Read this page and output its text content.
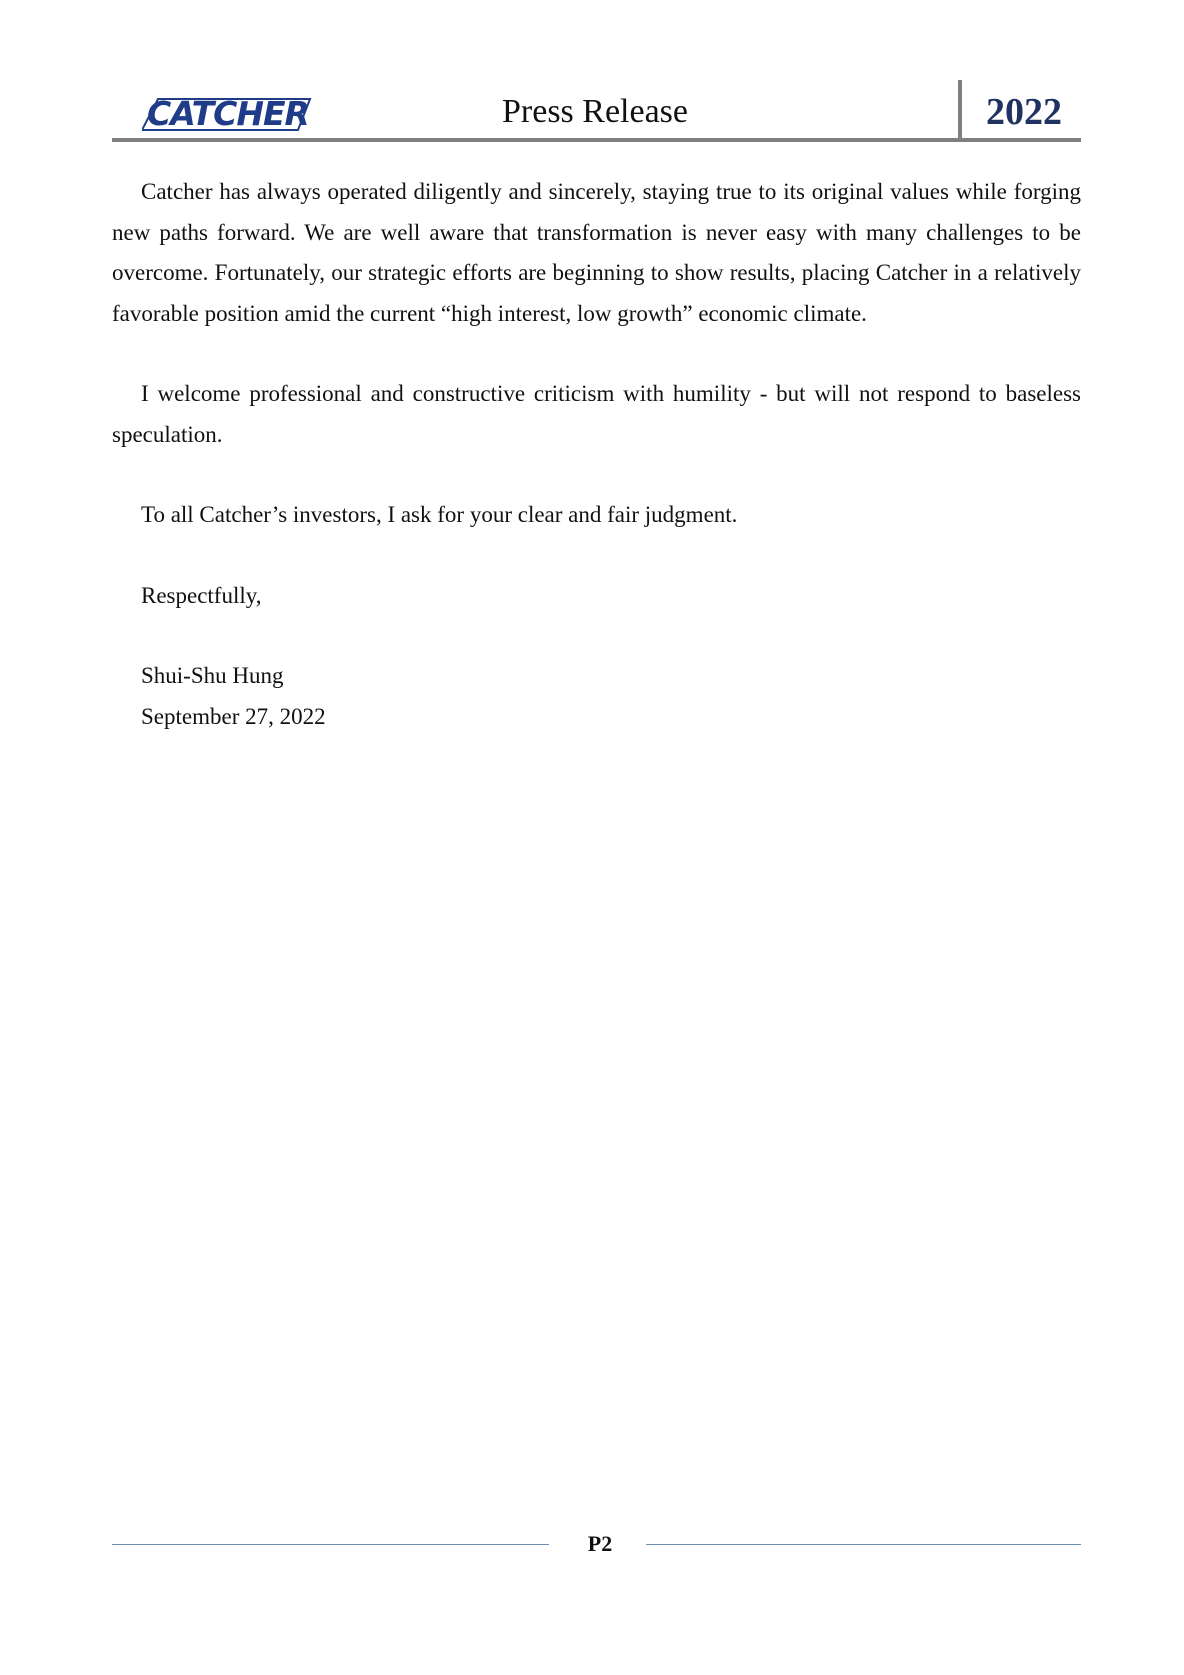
CATCHER	Press Release	2022

Catcher has always operated diligently and sincerely, staying true to its original values while forging new paths forward. We are well aware that transformation is never easy with many challenges to be overcome. Fortunately, our strategic efforts are beginning to show results, placing Catcher in a relatively favorable position amid the current “high interest, low growth” economic climate.

I welcome professional and constructive criticism with humility - but will not respond to baseless speculation.

To all Catcher’s investors, I ask for your clear and fair judgment.

Respectfully,

Shui-Shu Hung

September 27, 2022

P2
